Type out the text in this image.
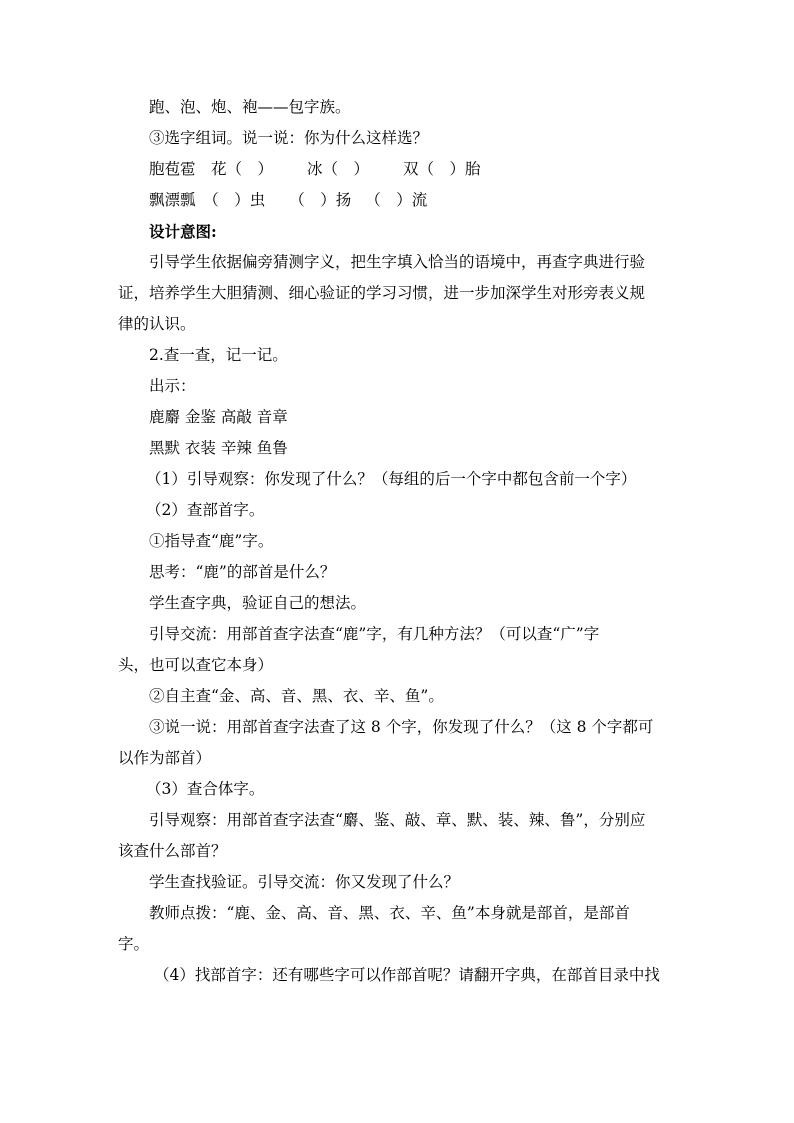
跑、泡、炮、袍——包字族。
③选字组词。说一说：你为什么这样选？
胞苞雹　花（　） 冰（　） 双（　）胎
飘漂瓢　（　）虫 （　）扬 （　）流
设计意图:
引导学生依据偏旁猜测字义，把生字填入恰当的语境中，再查字典进行验
证，培养学生大胆猜测、细心验证的学习习惯，进一步加深学生对形旁表义规
律的认识。
2.查一查，记一记。
出示：
鹿麝 金鉴 高敲 音章
黑默 衣装 辛辣 鱼鲁
（1）引导观察：你发现了什么？（每组的后一个字中都包含前一个字）
（2）查部首字。
①指导查“鹿”字。
思考：“鹿”的部首是什么？
学生查字典，验证自己的想法。
引导交流：用部首查字法查“鹿”字，有几种方法？（可以查“广”字
头，也可以查它本身）
②自主查“金、高、音、黑、衣、辛、鱼”。
③说一说：用部首查字法查了这 8 个字，你发现了什么？（这 8 个字都可
以作为部首）
（3）查合体字。
引导观察：用部首查字法查“麝、鉴、敲、章、默、装、辣、鲁”，分别应
该查什么部首？
学生查找验证。引导交流：你又发现了什么？
教师点拨：“鹿、金、高、音、黑、衣、辛、鱼”本身就是部首，是部首
字。
（4）找部首字：还有哪些字可以作部首呢？请翻开字典，在部首目录中找
